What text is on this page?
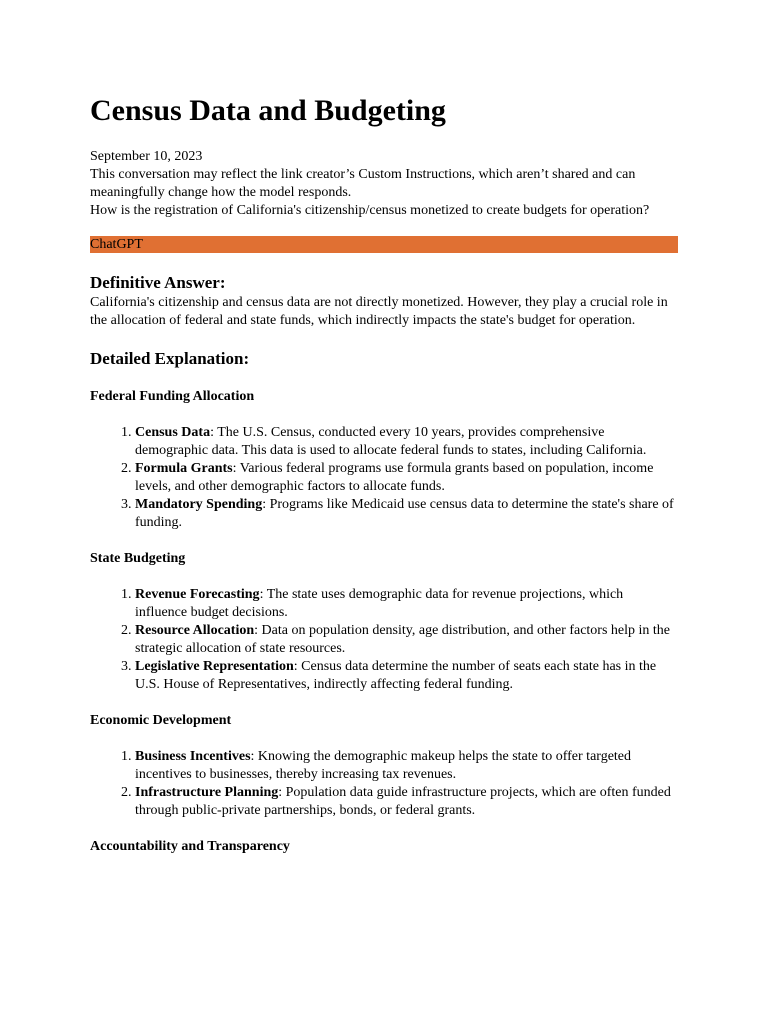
Census Data and Budgeting

September 10, 2023

This conversation may reflect the link creator’s Custom Instructions, which aren’t shared and can meaningfully change how the model responds.

How is the registration of California's citizenship/census monetized to create budgets for operation?

ChatGPT
Definitive Answer:

California's citizenship and census data are not directly monetized. However, they play a crucial role in the allocation of federal and state funds, which indirectly impacts the state's budget for operation.

Detailed Explanation:
Federal Funding Allocation
1. Census Data: The U.S. Census, conducted every 10 years, provides comprehensive demographic data. This data is used to allocate federal funds to states, including California.
2. Formula Grants: Various federal programs use formula grants based on population, income levels, and other demographic factors to allocate funds.
3. Mandatory Spending: Programs like Medicaid use census data to determine the state's share of funding.
State Budgeting
1. Revenue Forecasting: The state uses demographic data for revenue projections, which influence budget decisions.
2. Resource Allocation: Data on population density, age distribution, and other factors help in the strategic allocation of state resources.
3. Legislative Representation: Census data determine the number of seats each state has in the U.S. House of Representatives, indirectly affecting federal funding.
Economic Development
1. Business Incentives: Knowing the demographic makeup helps the state to offer targeted incentives to businesses, thereby increasing tax revenues.
2. Infrastructure Planning: Population data guide infrastructure projects, which are often funded through public-private partnerships, bonds, or federal grants.
Accountability and Transparency
